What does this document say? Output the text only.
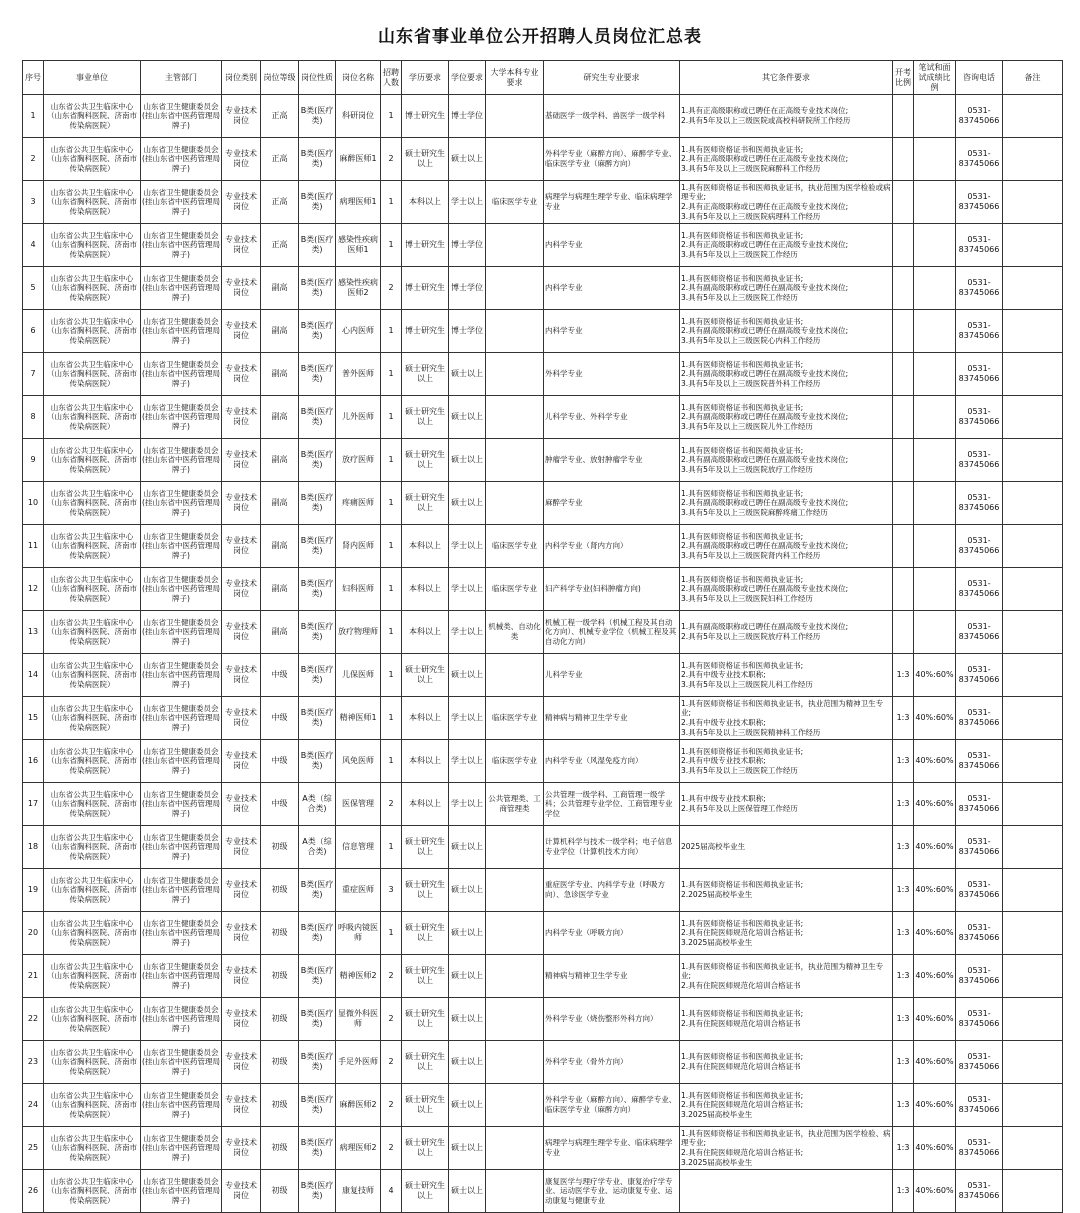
山东省事业单位公开招聘人员岗位汇总表
序号	事业单位	主管部门	岗位类别	岗位等级	岗位性质	岗位名称	招聘人数	学历要求	学位要求	大学本科专业要求	研究生专业要求	其它条件要求	开考比例	笔试和面试成绩比例	咨询电话	备注
1	山东省公共卫生临床中心（山东省胸科医院、济南市传染病医院）	山东省卫生健康委员会(挂山东省中医药管理局牌子)	专业技术岗位	正高	B类(医疗类)	科研岗位	1	博士研究生	博士学位		基础医学一级学科、兽医学一级学科	1.具有正高级职称或已聘任在正高级专业技术岗位;
2.具有5年及以上三级医院或高校科研院所工作经历			0531-83745066	
2	山东省公共卫生临床中心（山东省胸科医院、济南市传染病医院）	山东省卫生健康委员会(挂山东省中医药管理局牌子)	专业技术岗位	正高	B类(医疗类)	麻醉医师1	2	硕士研究生以上	硕士以上		外科学专业（麻醉方向）、麻醉学专业、临床医学专业（麻醉方向）	1.具有医师资格证书和医师执业证书;
2.具有正高级职称或已聘任在正高级专业技术岗位;
3.具有5年及以上三级医院麻醉科工作经历			0531-83745066	
3	山东省公共卫生临床中心（山东省胸科医院、济南市传染病医院）	山东省卫生健康委员会(挂山东省中医药管理局牌子)	专业技术岗位	正高	B类(医疗类)	病理医师1	1	本科以上	学士以上	临床医学专业	病理学与病理生理学专业、临床病理学专业	1.具有医师资格证书和医师执业证书，执业范围为医学检验或病理专业;
2.具有正高级职称或已聘任在正高级专业技术岗位;
3.具有5年及以上三级医院病理科工作经历			0531-83745066	
4	山东省公共卫生临床中心（山东省胸科医院、济南市传染病医院）	山东省卫生健康委员会(挂山东省中医药管理局牌子)	专业技术岗位	正高	B类(医疗类)	感染性疾病医师1	1	博士研究生	博士学位		内科学专业	1.具有医师资格证书和医师执业证书;
2.具有正高级职称或已聘任在正高级专业技术岗位;
3.具有5年及以上三级医院工作经历			0531-83745066	
5	山东省公共卫生临床中心（山东省胸科医院、济南市传染病医院）	山东省卫生健康委员会(挂山东省中医药管理局牌子)	专业技术岗位	副高	B类(医疗类)	感染性疾病医师2	2	博士研究生	博士学位		内科学专业	1.具有医师资格证书和医师执业证书;
2.具有副高级职称或已聘任在副高级专业技术岗位;
3.具有5年及以上三级医院工作经历			0531-83745066	
6	山东省公共卫生临床中心（山东省胸科医院、济南市传染病医院）	山东省卫生健康委员会(挂山东省中医药管理局牌子)	专业技术岗位	副高	B类(医疗类)	心内医师	1	博士研究生	博士学位		内科学专业	1.具有医师资格证书和医师执业证书;
2.具有副高级职称或已聘任在副高级专业技术岗位;
3.具有5年及以上三级医院心内科工作经历			0531-83745066	
7	山东省公共卫生临床中心（山东省胸科医院、济南市传染病医院）	山东省卫生健康委员会(挂山东省中医药管理局牌子)	专业技术岗位	副高	B类(医疗类)	普外医师	1	硕士研究生以上	硕士以上		外科学专业	1.具有医师资格证书和医师执业证书;
2.具有副高级职称或已聘任在副高级专业技术岗位;
3.具有5年及以上三级医院普外科工作经历			0531-83745066	
8	山东省公共卫生临床中心（山东省胸科医院、济南市传染病医院）	山东省卫生健康委员会(挂山东省中医药管理局牌子)	专业技术岗位	副高	B类(医疗类)	儿外医师	1	硕士研究生以上	硕士以上		儿科学专业、外科学专业	1.具有医师资格证书和医师执业证书;
2.具有副高级职称或已聘任在副高级专业技术岗位;
3.具有5年及以上三级医院儿外工作经历			0531-83745066	
9	山东省公共卫生临床中心（山东省胸科医院、济南市传染病医院）	山东省卫生健康委员会(挂山东省中医药管理局牌子)	专业技术岗位	副高	B类(医疗类)	放疗医师	1	硕士研究生以上	硕士以上		肿瘤学专业、放射肿瘤学专业	1.具有医师资格证书和医师执业证书;
2.具有副高级职称或已聘任在副高级专业技术岗位;
3.具有5年及以上三级医院放疗工作经历			0531-83745066	
10	山东省公共卫生临床中心（山东省胸科医院、济南市传染病医院）	山东省卫生健康委员会(挂山东省中医药管理局牌子)	专业技术岗位	副高	B类(医疗类)	疼痛医师	1	硕士研究生以上	硕士以上		麻醉学专业	1.具有医师资格证书和医师执业证书;
2.具有副高级职称或已聘任在副高级专业技术岗位;
3.具有5年及以上三级医院麻醉疼痛工作经历			0531-83745066	
11	山东省公共卫生临床中心（山东省胸科医院、济南市传染病医院）	山东省卫生健康委员会(挂山东省中医药管理局牌子)	专业技术岗位	副高	B类(医疗类)	肾内医师	1	本科以上	学士以上	临床医学专业	内科学专业（肾内方向）	1.具有医师资格证书和医师执业证书;
2.具有副高级职称或已聘任在副高级专业技术岗位;
3.具有5年及以上三级医院肾内科工作经历			0531-83745066	
12	山东省公共卫生临床中心（山东省胸科医院、济南市传染病医院）	山东省卫生健康委员会(挂山东省中医药管理局牌子)	专业技术岗位	副高	B类(医疗类)	妇科医师	1	本科以上	学士以上	临床医学专业	妇产科学专业(妇科肿瘤方向)	1.具有医师资格证书和医师执业证书;
2.具有副高级职称或已聘任在副高级专业技术岗位;
3.具有5年及以上三级医院妇科工作经历			0531-83745066	
13	山东省公共卫生临床中心（山东省胸科医院、济南市传染病医院）	山东省卫生健康委员会(挂山东省中医药管理局牌子)	专业技术岗位	副高	B类(医疗类)	放疗物理师	1	本科以上	学士以上	机械类、自动化类	机械工程一级学科（机械工程及其自动化方向）、机械专业学位（机械工程及其自动化方向）	1.具有副高级职称或已聘任在副高级专业技术岗位;
2.具有5年及以上三级医院放疗科工作经历			0531-83745066	
14	山东省公共卫生临床中心（山东省胸科医院、济南市传染病医院）	山东省卫生健康委员会(挂山东省中医药管理局牌子)	专业技术岗位	中级	B类(医疗类)	儿保医师	1	硕士研究生以上	硕士以上		儿科学专业	1.具有医师资格证书和医师执业证书;
2.具有中级专业技术职称;
3.具有5年及以上三级医院儿科工作经历	1:3	40%:60%	0531-83745066	
15	山东省公共卫生临床中心（山东省胸科医院、济南市传染病医院）	山东省卫生健康委员会(挂山东省中医药管理局牌子)	专业技术岗位	中级	B类(医疗类)	精神医师1	1	本科以上	学士以上	临床医学专业	精神病与精神卫生学专业	1.具有医师资格证书和医师执业证书，执业范围为精神卫生专业;
2.具有中级专业技术职称;
3.具有5年及以上三级医院精神科工作经历	1:3	40%:60%	0531-83745066	
16	山东省公共卫生临床中心（山东省胸科医院、济南市传染病医院）	山东省卫生健康委员会(挂山东省中医药管理局牌子)	专业技术岗位	中级	B类(医疗类)	风免医师	1	本科以上	学士以上	临床医学专业	内科学专业（风湿免疫方向）	1.具有医师资格证书和医师执业证书;
2.具有中级专业技术职称;
3.具有5年及以上三级医院工作经历	1:3	40%:60%	0531-83745066	
17	山东省公共卫生临床中心（山东省胸科医院、济南市传染病医院）	山东省卫生健康委员会(挂山东省中医药管理局牌子)	专业技术岗位	中级	A类（综合类)	医保管理	2	本科以上	学士以上	公共管理类、工商管理类	公共管理一级学科、工商管理一级学科；公共管理专业学位、工商管理专业学位	1.具有中级专业技术职称;
2.具有5年及以上医保管理工作经历	1:3	40%:60%	0531-83745066	
18	山东省公共卫生临床中心（山东省胸科医院、济南市传染病医院）	山东省卫生健康委员会(挂山东省中医药管理局牌子)	专业技术岗位	初级	A类（综合类)	信息管理	1	硕士研究生以上	硕士以上		计算机科学与技术一级学科；电子信息专业学位（计算机技术方向）	2025届高校毕业生	1:3	40%:60%	0531-83745066	
19	山东省公共卫生临床中心（山东省胸科医院、济南市传染病医院）	山东省卫生健康委员会(挂山东省中医药管理局牌子)	专业技术岗位	初级	B类(医疗类)	重症医师	3	硕士研究生以上	硕士以上		重症医学专业、内科学专业（呼吸方向）、急诊医学专业	1.具有医师资格证书和医师执业证书;
2.2025届高校毕业生	1:3	40%:60%	0531-83745066	
20	山东省公共卫生临床中心（山东省胸科医院、济南市传染病医院）	山东省卫生健康委员会(挂山东省中医药管理局牌子)	专业技术岗位	初级	B类(医疗类)	呼吸内镜医师	1	硕士研究生以上	硕士以上		内科学专业（呼吸方向）	1.具有医师资格证书和医师执业证书;
2.具有住院医师规范化培训合格证书;
3.2025届高校毕业生	1:3	40%:60%	0531-83745066	
21	山东省公共卫生临床中心（山东省胸科医院、济南市传染病医院）	山东省卫生健康委员会(挂山东省中医药管理局牌子)	专业技术岗位	初级	B类(医疗类)	精神医师2	2	硕士研究生以上	硕士以上		精神病与精神卫生学专业	1.具有医师资格证书和医师执业证书，执业范围为精神卫生专业;
2.具有住院医师规范化培训合格证书	1:3	40%:60%	0531-83745066	
22	山东省公共卫生临床中心（山东省胸科医院、济南市传染病医院）	山东省卫生健康委员会(挂山东省中医药管理局牌子)	专业技术岗位	初级	B类(医疗类)	显微外科医师	2	硕士研究生以上	硕士以上		外科学专业（烧伤整形外科方向）	1.具有医师资格证书和医师执业证书;
2.具有住院医师规范化培训合格证书	1:3	40%:60%	0531-83745066	
23	山东省公共卫生临床中心（山东省胸科医院、济南市传染病医院）	山东省卫生健康委员会(挂山东省中医药管理局牌子)	专业技术岗位	初级	B类(医疗类)	手足外医师	2	硕士研究生以上	硕士以上		外科学专业（骨外方向）	1.具有医师资格证书和医师执业证书;
2.具有住院医师规范化培训合格证书	1:3	40%:60%	0531-83745066	
24	山东省公共卫生临床中心（山东省胸科医院、济南市传染病医院）	山东省卫生健康委员会(挂山东省中医药管理局牌子)	专业技术岗位	初级	B类(医疗类)	麻醉医师2	2	硕士研究生以上	硕士以上		外科学专业（麻醉方向）、麻醉学专业、临床医学专业（麻醉方向）	1.具有医师资格证书和医师执业证书;
2.具有住院医师规范化培训合格证书;
3.2025届高校毕业生	1:3	40%:60%	0531-83745066	
25	山东省公共卫生临床中心（山东省胸科医院、济南市传染病医院）	山东省卫生健康委员会(挂山东省中医药管理局牌子)	专业技术岗位	初级	B类(医疗类)	病理医师2	2	硕士研究生以上	硕士以上		病理学与病理生理学专业、临床病理学专业	1.具有医师资格证书和医师执业证书，执业范围为医学检验、病理专业;
2.具有住院医师规范化培训合格证书;
3.2025届高校毕业生	1:3	40%:60%	0531-83745066	
26	山东省公共卫生临床中心（山东省胸科医院、济南市传染病医院）	山东省卫生健康委员会(挂山东省中医药管理局牌子)	专业技术岗位	初级	B类(医疗类)	康复技师	4	硕士研究生以上	硕士以上		康复医学与理疗学专业、康复治疗学专业、运动医学专业、运动康复专业、运动康复与健康专业		1:3	40%:60%	0531-83745066	
